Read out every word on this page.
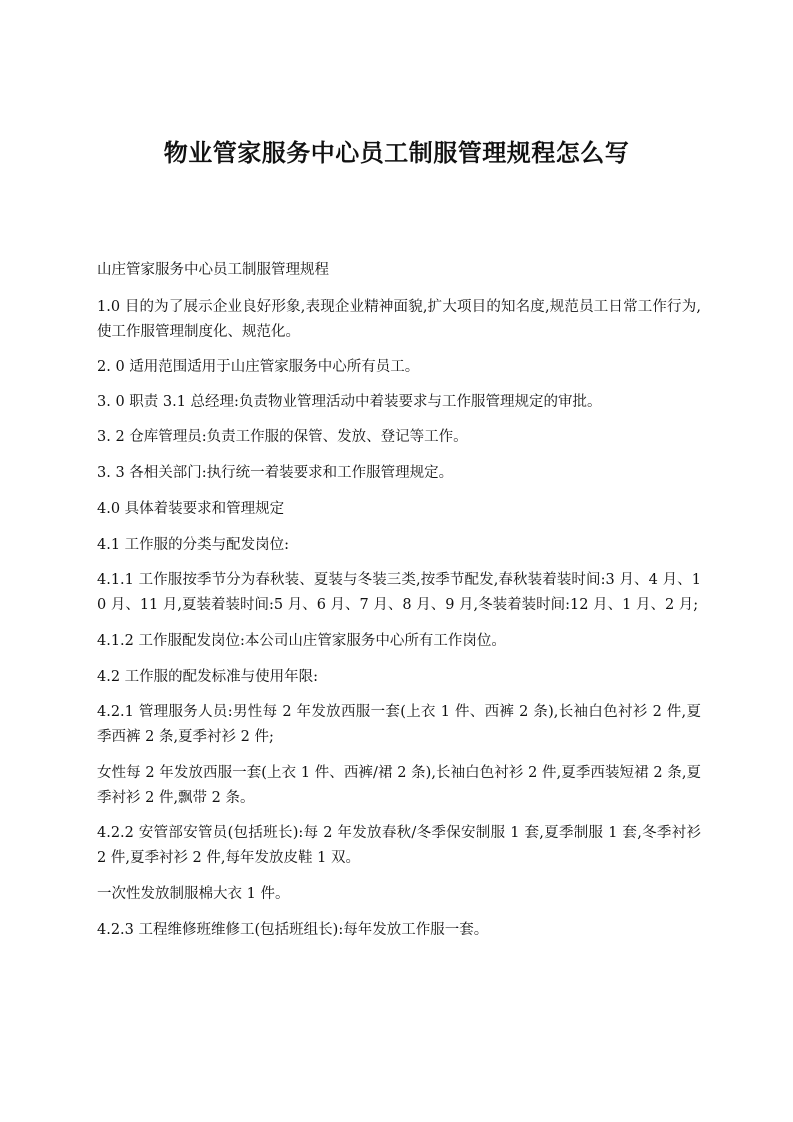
物业管家服务中心员工制服管理规程怎么写

山庄管家服务中心员工制服管理规程

1.0 目的为了展示企业良好形象,表现企业精神面貌,扩大项目的知名度,规范员工日常工作行为,使工作服管理制度化、规范化。

2. 0 适用范围适用于山庄管家服务中心所有员工。

3. 0 职责 3.1 总经理:负责物业管理活动中着装要求与工作服管理规定的审批。

3. 2 仓库管理员:负责工作服的保管、发放、登记等工作。

3. 3 各相关部门:执行统一着装要求和工作服管理规定。

4.0 具体着装要求和管理规定

4.1 工作服的分类与配发岗位:

4.1.1 工作服按季节分为春秋装、夏装与冬装三类,按季节配发,春秋装着装时间:3 月、4 月、10 月、11 月,夏装着装时间:5 月、6 月、7 月、8 月、9 月,冬装着装时间:12 月、1 月、2 月;

4.1.2 工作服配发岗位:本公司山庄管家服务中心所有工作岗位。

4.2 工作服的配发标准与使用年限:

4.2.1 管理服务人员:男性每 2 年发放西服一套(上衣 1 件、西裤 2 条),长袖白色衬衫 2 件,夏季西裤 2 条,夏季衬衫 2 件;

女性每 2 年发放西服一套(上衣 1 件、西裤/裙 2 条),长袖白色衬衫 2 件,夏季西装短裙 2 条,夏季衬衫 2 件,飘带 2 条。

4.2.2 安管部安管员(包括班长):每 2 年发放春秋/冬季保安制服 1 套,夏季制服 1 套,冬季衬衫 2 件,夏季衬衫 2 件,每年发放皮鞋 1 双。

一次性发放制服棉大衣 1 件。

4.2.3 工程维修班维修工(包括班组长):每年发放工作服一套。
